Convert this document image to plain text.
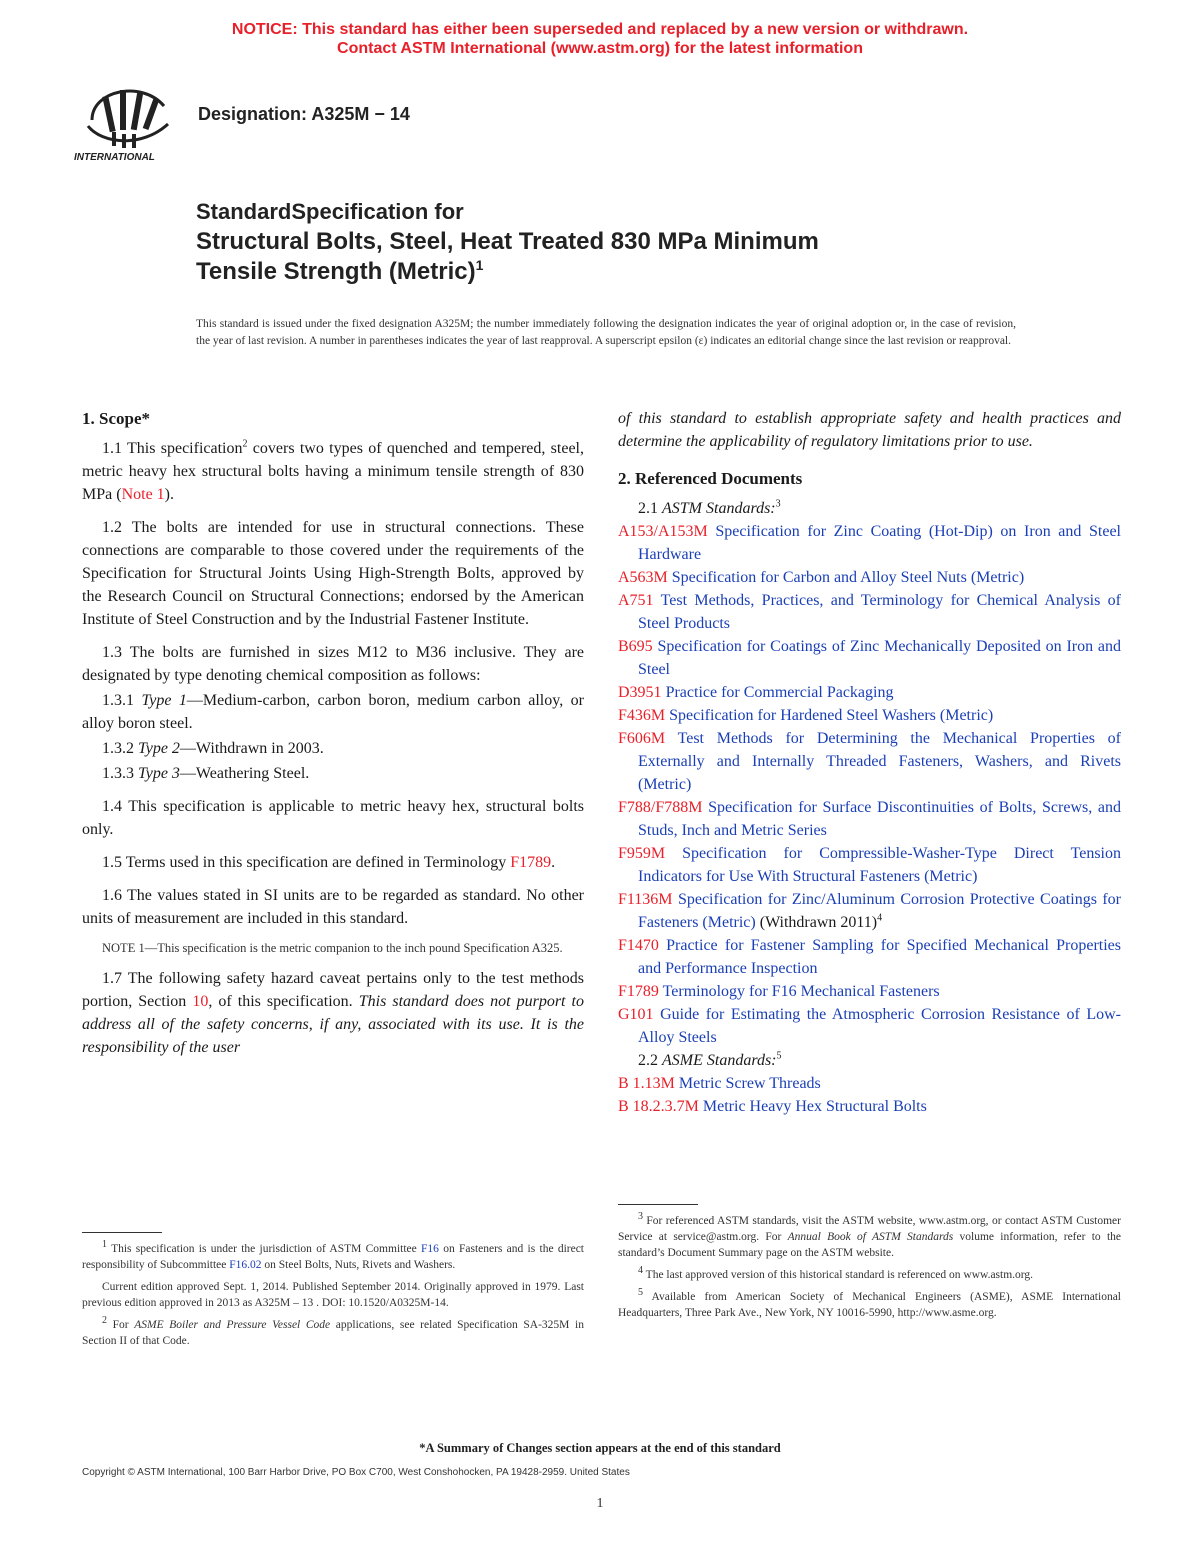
NOTICE: This standard has either been superseded and replaced by a new version or withdrawn.
Contact ASTM International (www.astm.org) for the latest information
INTERNATIONAL
Designation: A325M − 14
StandardSpecification for
Structural Bolts, Steel, Heat Treated 830 MPa Minimum
Tensile Strength (Metric)$^1$
This standard is issued under the fixed designation A325M; the number immediately following the designation indicates the year of original adoption or, in the case of revision, the year of last revision. A number in parentheses indicates the year of last reapproval. A superscript epsilon (ε) indicates an editorial change since the last revision or reapproval.
1. Scope*

1.1 This specification$^2$ covers two types of quenched and tempered, steel, metric heavy hex structural bolts having a minimum tensile strength of 830 MPa (Note 1).

1.2 The bolts are intended for use in structural connections. These connections are comparable to those covered under the requirements of the Specification for Structural Joints Using High-Strength Bolts, approved by the Research Council on Structural Connections; endorsed by the American Institute of Steel Construction and by the Industrial Fastener Institute.

1.3 The bolts are furnished in sizes M12 to M36 inclusive. They are designated by type denoting chemical composition as follows:

1.3.1 Type 1—Medium-carbon, carbon boron, medium carbon alloy, or alloy boron steel.

1.3.2 Type 2—Withdrawn in 2003.

1.3.3 Type 3—Weathering Steel.

1.4 This specification is applicable to metric heavy hex, structural bolts only.

1.5 Terms used in this specification are defined in Terminology F1789.

1.6 The values stated in SI units are to be regarded as standard. No other units of measurement are included in this standard.

NOTE 1—This specification is the metric companion to the inch pound Specification A325.

1.7 The following safety hazard caveat pertains only to the test methods portion, Section 10, of this specification. This standard does not purport to address all of the safety concerns, if any, associated with its use. It is the responsibility of the user

of this standard to establish appropriate safety and health practices and determine the applicability of regulatory limitations prior to use.

2. Referenced Documents

2.1 ASTM Standards:$^3$

A153/A153M Specification for Zinc Coating (Hot-Dip) on Iron and Steel Hardware

A563M Specification for Carbon and Alloy Steel Nuts (Metric)

A751 Test Methods, Practices, and Terminology for Chemical Analysis of Steel Products

B695 Specification for Coatings of Zinc Mechanically Deposited on Iron and Steel

D3951 Practice for Commercial Packaging

F436M Specification for Hardened Steel Washers (Metric)

F606M Test Methods for Determining the Mechanical Properties of Externally and Internally Threaded Fasteners, Washers, and Rivets (Metric)

F788/F788M Specification for Surface Discontinuities of Bolts, Screws, and Studs, Inch and Metric Series

F959M Specification for Compressible-Washer-Type Direct Tension Indicators for Use With Structural Fasteners (Metric)

F1136M Specification for Zinc/Aluminum Corrosion Protective Coatings for Fasteners (Metric) (Withdrawn 2011)$^4$

F1470 Practice for Fastener Sampling for Specified Mechanical Properties and Performance Inspection

F1789 Terminology for F16 Mechanical Fasteners

G101 Guide for Estimating the Atmospheric Corrosion Resistance of Low-Alloy Steels

2.2 ASME Standards:$^5$

B 1.13M Metric Screw Threads

B 18.2.3.7M Metric Heavy Hex Structural Bolts

$^1$ This specification is under the jurisdiction of ASTM Committee F16 on Fasteners and is the direct responsibility of Subcommittee F16.02 on Steel Bolts, Nuts, Rivets and Washers.

Current edition approved Sept. 1, 2014. Published September 2014. Originally approved in 1979. Last previous edition approved in 2013 as A325M – 13 . DOI: 10.1520/A0325M-14.

$^2$ For ASME Boiler and Pressure Vessel Code applications, see related Specification SA-325M in Section II of that Code.

$^3$ For referenced ASTM standards, visit the ASTM website, www.astm.org, or contact ASTM Customer Service at service@astm.org. For Annual Book of ASTM Standards volume information, refer to the standard’s Document Summary page on the ASTM website.

$^4$ The last approved version of this historical standard is referenced on www.astm.org.

$^5$ Available from American Society of Mechanical Engineers (ASME), ASME International Headquarters, Three Park Ave., New York, NY 10016-5990, http://www.asme.org.

*A Summary of Changes section appears at the end of this standard
Copyright © ASTM International, 100 Barr Harbor Drive, PO Box C700, West Conshohocken, PA 19428-2959. United States
1
